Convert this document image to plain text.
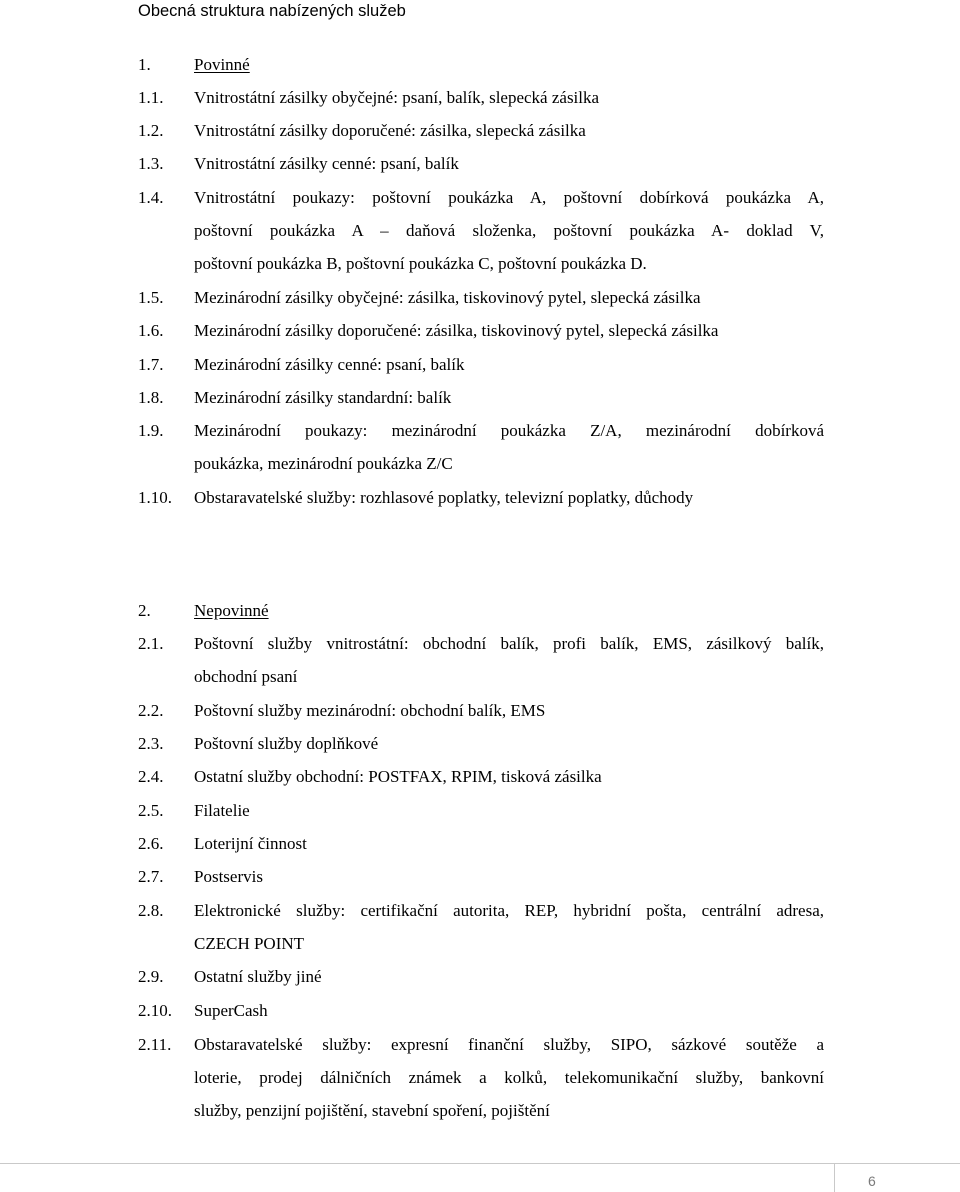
Obecná struktura nabízených služeb
1.	Povinné
1.1. Vnitrostátní zásilky obyčejné: psaní, balík, slepecká zásilka
1.2. Vnitrostátní zásilky doporučené: zásilka, slepecká zásilka
1.3. Vnitrostátní zásilky cenné: psaní, balík
1.4. Vnitrostátní poukazy: poštovní poukázka A, poštovní dobírková poukázka A,
poštovní poukázka A – daňová složenka, poštovní poukázka A- doklad V,
poštovní poukázka B, poštovní poukázka C, poštovní poukázka D.
1.5. Mezinárodní zásilky obyčejné: zásilka, tiskovinový pytel, slepecká zásilka
1.6. Mezinárodní zásilky doporučené: zásilka, tiskovinový pytel, slepecká zásilka
1.7. Mezinárodní zásilky cenné: psaní, balík
1.8. Mezinárodní zásilky standardní: balík
1.9. Mezinárodní poukazy: mezinárodní poukázka Z/A, mezinárodní dobírková
poukázka, mezinárodní poukázka Z/C
1.10. Obstaravatelské služby: rozhlasové poplatky, televizní poplatky, důchody
2.	Nepovinné
2.1. Poštovní služby vnitrostátní: obchodní balík, profi balík, EMS, zásilkový balík,
obchodní psaní
2.2. Poštovní služby mezinárodní: obchodní balík, EMS
2.3. Poštovní služby doplňkové
2.4. Ostatní služby obchodní: POSTFAX, RPIM, tisková zásilka
2.5. Filatelie
2.6. Loterijní činnost
2.7. Postservis
2.8. Elektronické služby: certifikační autorita, REP, hybridní pošta, centrální adresa,
CZECH POINT
2.9. Ostatní služby jiné
2.10. SuperCash
2.11. Obstaravatelské služby: expresní finanční služby, SIPO, sázkové soutěže a
loterie, prodej dálničních známek a kolků, telekomunikační služby, bankovní
služby, penzijní pojištění, stavební spoření, pojištění
6
